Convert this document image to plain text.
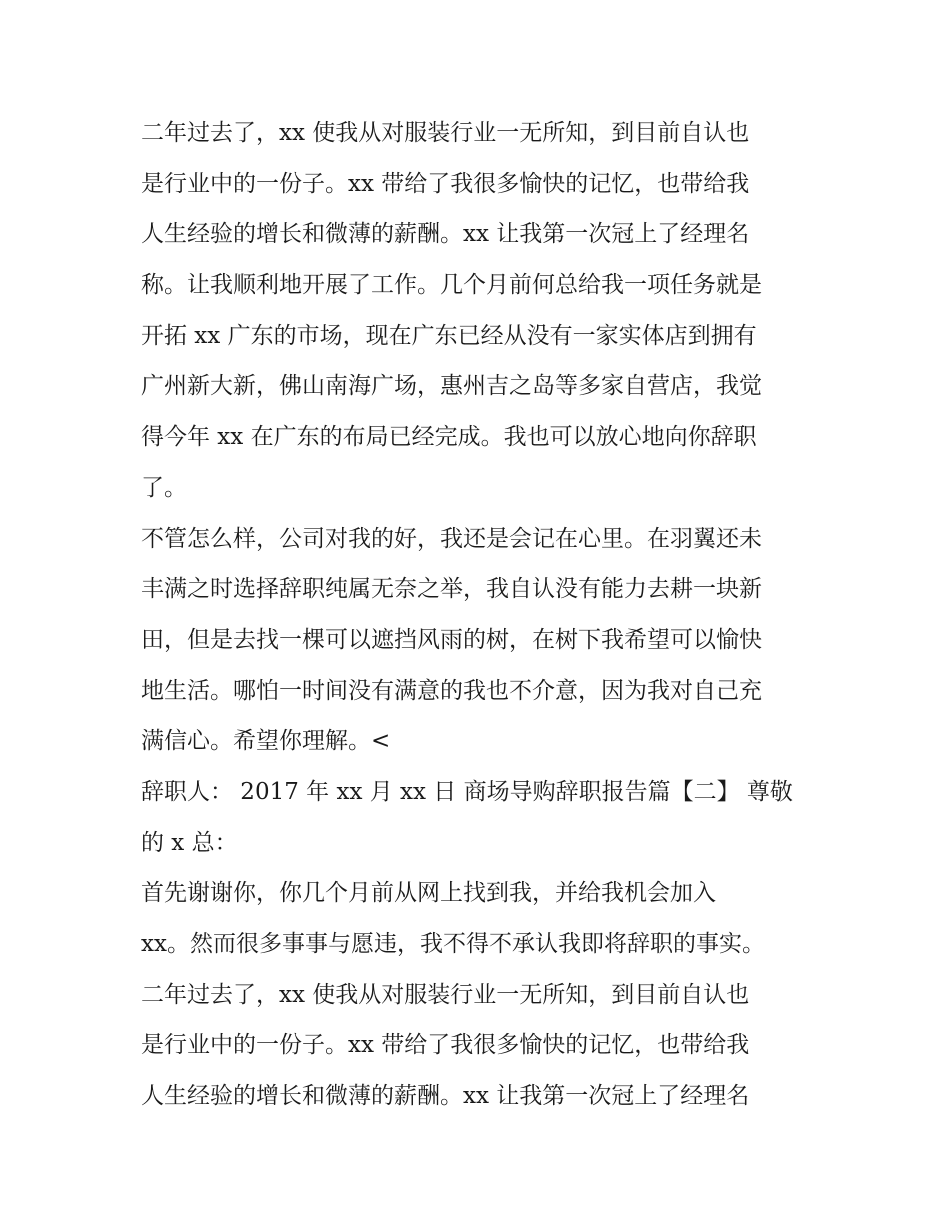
二年过去了，xx 使我从对服装行业一无所知，到目前自认也
是行业中的一份子。xx 带给了我很多愉快的记忆，也带给我
人生经验的增长和微薄的薪酬。xx 让我第一次冠上了经理名
称。让我顺利地开展了工作。几个月前何总给我一项任务就是
开拓 xx 广东的市场，现在广东已经从没有一家实体店到拥有
广州新大新，佛山南海广场，惠州吉之岛等多家自营店，我觉
得今年 xx 在广东的布局已经完成。我也可以放心地向你辞职
了。
不管怎么样，公司对我的好，我还是会记在心里。在羽翼还未
丰满之时选择辞职纯属无奈之举，我自认没有能力去耕一块新
田，但是去找一棵可以遮挡风雨的树，在树下我希望可以愉快
地生活。哪怕一时间没有满意的我也不介意，因为我对自己充
满信心。希望你理解。<
辞职人： 2017 年 xx 月 xx 日 商场导购辞职报告篇【二】 尊敬
的 x 总：
首先谢谢你，你几个月前从网上找到我，并给我机会加入
xx。然而很多事事与愿违，我不得不承认我即将辞职的事实。
二年过去了，xx 使我从对服装行业一无所知，到目前自认也
是行业中的一份子。xx 带给了我很多愉快的记忆，也带给我
人生经验的增长和微薄的薪酬。xx 让我第一次冠上了经理名
